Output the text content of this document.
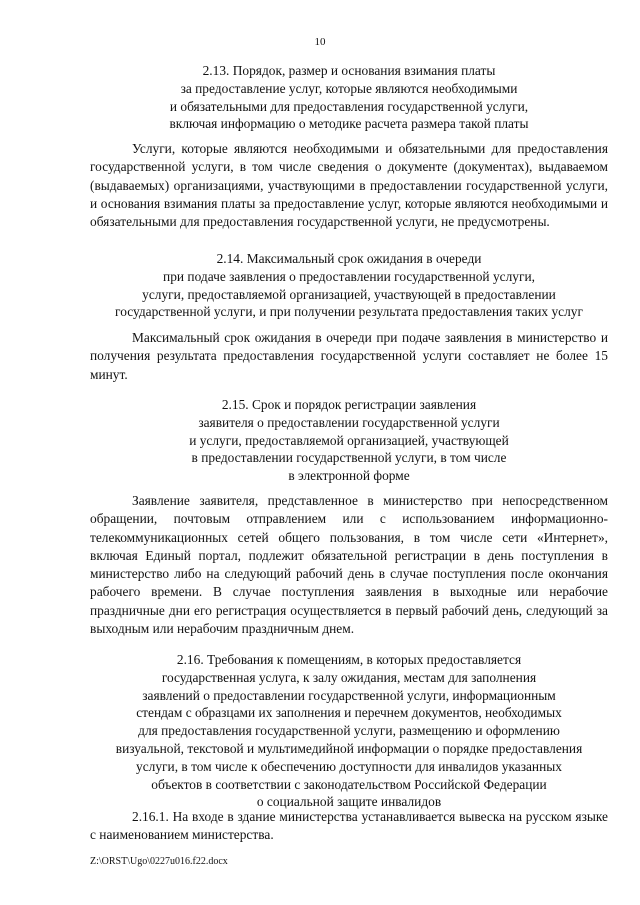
10

2.13. Порядок, размер и основания взимания платы
за предоставление услуг, которые являются необходимыми
и обязательными для предоставления государственной услуги,
включая информацию о методике расчета размера такой платы

Услуги, которые являются необходимыми и обязательными для предоставления государственной услуги, в том числе сведения о документе (документах), выдаваемом (выдаваемых) организациями, участвующими в предоставлении государственной услуги, и основания взимания платы за предоставление услуг, которые являются необходимыми и обязательными для предоставления государственной услуги, не предусмотрены.

2.14. Максимальный срок ожидания в очереди
при подаче заявления о предоставлении государственной услуги,
услуги, предоставляемой организацией, участвующей в предоставлении
государственной услуги, и при получении результата предоставления таких услуг

Максимальный срок ожидания в очереди при подаче заявления в министерство и получения результата предоставления государственной услуги составляет не более 15 минут.

2.15. Срок и порядок регистрации заявления
заявителя о предоставлении государственной услуги
и услуги, предоставляемой организацией, участвующей
в предоставлении государственной услуги, в том числе
в электронной форме

Заявление заявителя, представленное в министерство при непосредственном обращении, почтовым отправлением или с использованием информационно-телекоммуникационных сетей общего пользования, в том числе сети «Интернет», включая Единый портал, подлежит обязательной регистрации в день поступления в министерство либо на следующий рабочий день в случае поступления после окончания рабочего времени. В случае поступления заявления в выходные или нерабочие праздничные дни его регистрация осуществляется в первый рабочий день, следующий за выходным или нерабочим праздничным днем.

2.16. Требования к помещениям, в которых предоставляется
государственная услуга, к залу ожидания, местам для заполнения
заявлений о предоставлении государственной услуги, информационным
стендам с образцами их заполнения и перечнем документов, необходимых
для предоставления государственной услуги, размещению и оформлению
визуальной, текстовой и мультимедийной информации о порядке предоставления
услуги, в том числе к обеспечению доступности для инвалидов указанных
объектов в соответствии с законодательством Российской Федерации
о социальной защите инвалидов

2.16.1. На входе в здание министерства устанавливается вывеска на русском языке с наименованием министерства.

Z:\ORST\Ugo\0227u016.f22.docx
